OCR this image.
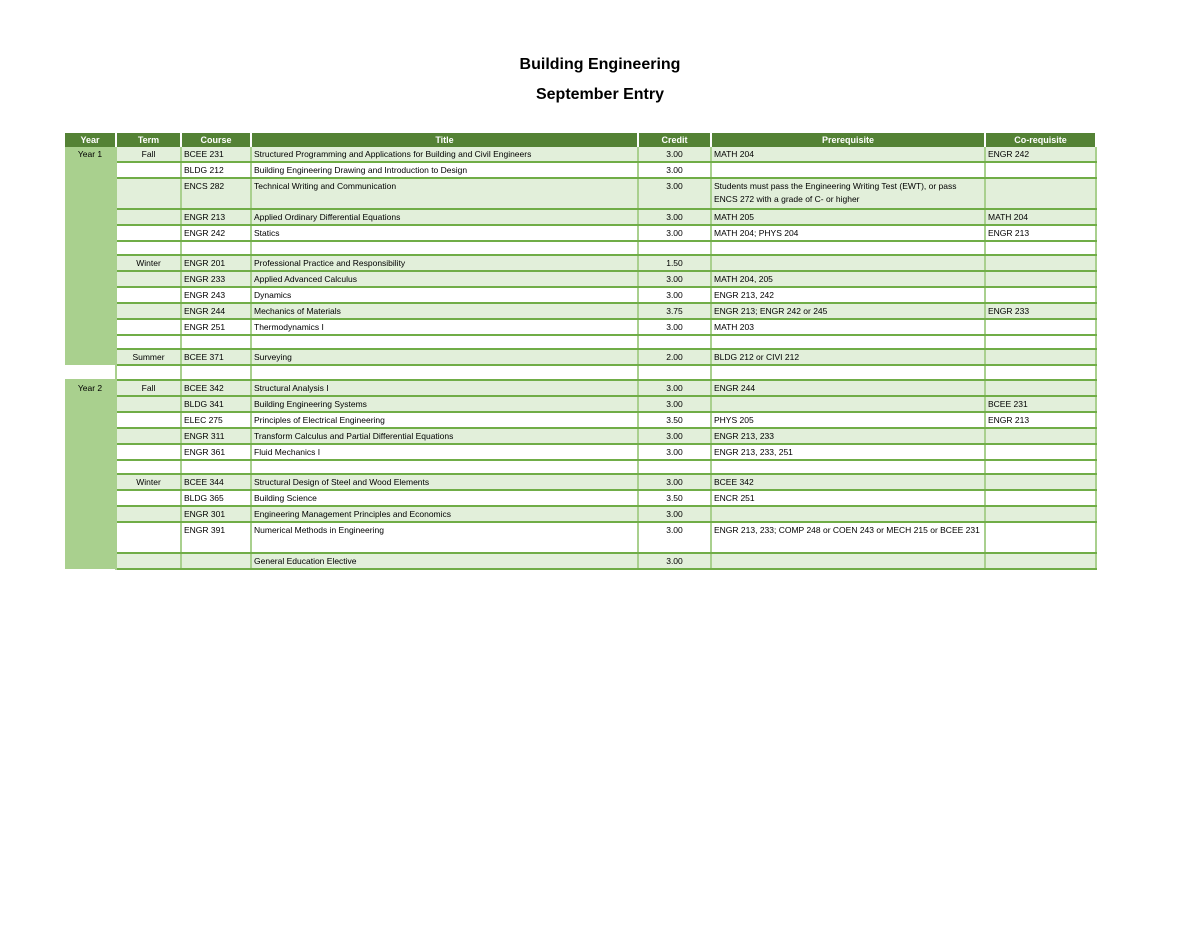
Building Engineering
September Entry
Year	Term	Course	Title	Credit	Prerequisite	Co-requisite
Year 1	Fall	BCEE 231	Structured Programming and Applications for Building and Civil Engineers	3.00	MATH 204	ENGR 242
		BLDG 212	Building Engineering Drawing and Introduction to Design	3.00		
		ENCS 282	Technical Writing and Communication	3.00	Students must pass the Engineering Writing Test (EWT), or pass ENCS 272 with a grade of C- or higher	
		ENGR 213	Applied Ordinary Differential Equations	3.00	MATH 205	MATH 204
		ENGR 242	Statics	3.00	MATH 204; PHYS 204	ENGR 213

	Winter	ENGR 201	Professional Practice and Responsibility	1.50		
		ENGR 233	Applied Advanced Calculus	3.00	MATH 204, 205	
		ENGR 243	Dynamics	3.00	ENGR 213, 242	
		ENGR 244	Mechanics of Materials	3.75	ENGR 213; ENGR 242 or 245	ENGR 233
		ENGR 251	Thermodynamics I	3.00	MATH 203	

	Summer	BCEE 371	Surveying	2.00	BLDG 212 or CIVI 212	

Year 2	Fall	BCEE 342	Structural Analysis I	3.00	ENGR 244	
		BLDG 341	Building Engineering Systems	3.00		BCEE 231
		ELEC 275	Principles of Electrical Engineering	3.50	PHYS 205	ENGR 213
		ENGR 311	Transform Calculus and Partial Differential Equations	3.00	ENGR 213, 233	
		ENGR 361	Fluid Mechanics I	3.00	ENGR 213, 233, 251	

	Winter	BCEE 344	Structural Design of Steel and Wood Elements	3.00	BCEE 342	
		BLDG 365	Building Science	3.50	ENCR 251	
		ENGR 301	Engineering Management Principles and Economics	3.00		
		ENGR 391	Numerical Methods in Engineering	3.00	ENGR 213, 233; COMP 248 or COEN 243 or MECH 215 or BCEE 231	
			General Education Elective	3.00		
